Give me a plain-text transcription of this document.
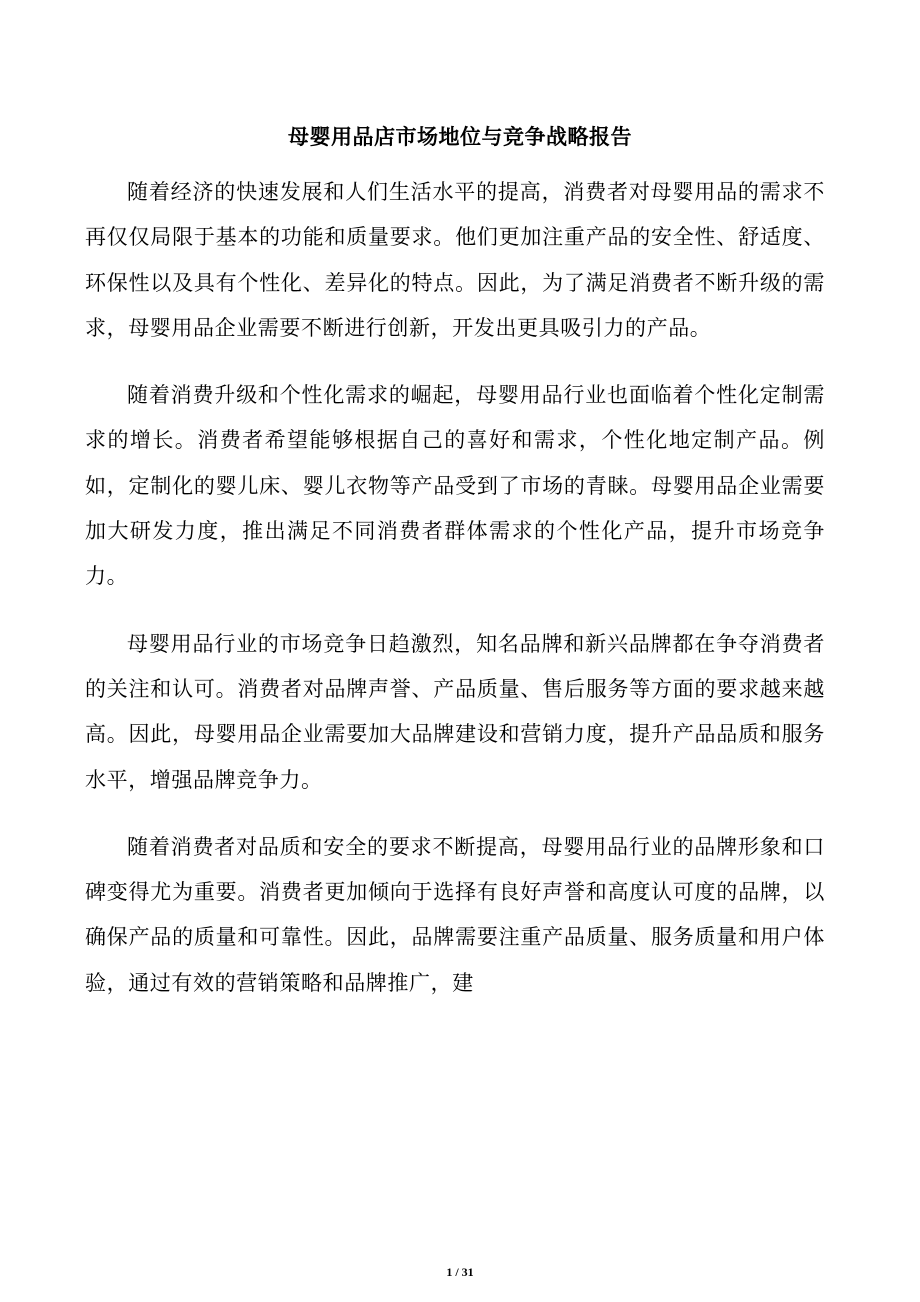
母婴用品店市场地位与竞争战略报告

随着经济的快速发展和人们生活水平的提高，消费者对母婴用品的需求不再仅仅局限于基本的功能和质量要求。他们更加注重产品的安全性、舒适度、环保性以及具有个性化、差异化的特点。因此，为了满足消费者不断升级的需求，母婴用品企业需要不断进行创新，开发出更具吸引力的产品。

随着消费升级和个性化需求的崛起，母婴用品行业也面临着个性化定制需求的增长。消费者希望能够根据自己的喜好和需求，个性化地定制产品。例如，定制化的婴儿床、婴儿衣物等产品受到了市场的青睐。母婴用品企业需要加大研发力度，推出满足不同消费者群体需求的个性化产品，提升市场竞争力。

母婴用品行业的市场竞争日趋激烈，知名品牌和新兴品牌都在争夺消费者的关注和认可。消费者对品牌声誉、产品质量、售后服务等方面的要求越来越高。因此，母婴用品企业需要加大品牌建设和营销力度，提升产品品质和服务水平，增强品牌竞争力。

随着消费者对品质和安全的要求不断提高，母婴用品行业的品牌形象和口碑变得尤为重要。消费者更加倾向于选择有良好声誉和高度认可度的品牌，以确保产品的质量和可靠性。因此，品牌需要注重产品质量、服务质量和用户体验，通过有效的营销策略和品牌推广，建

1 / 31
